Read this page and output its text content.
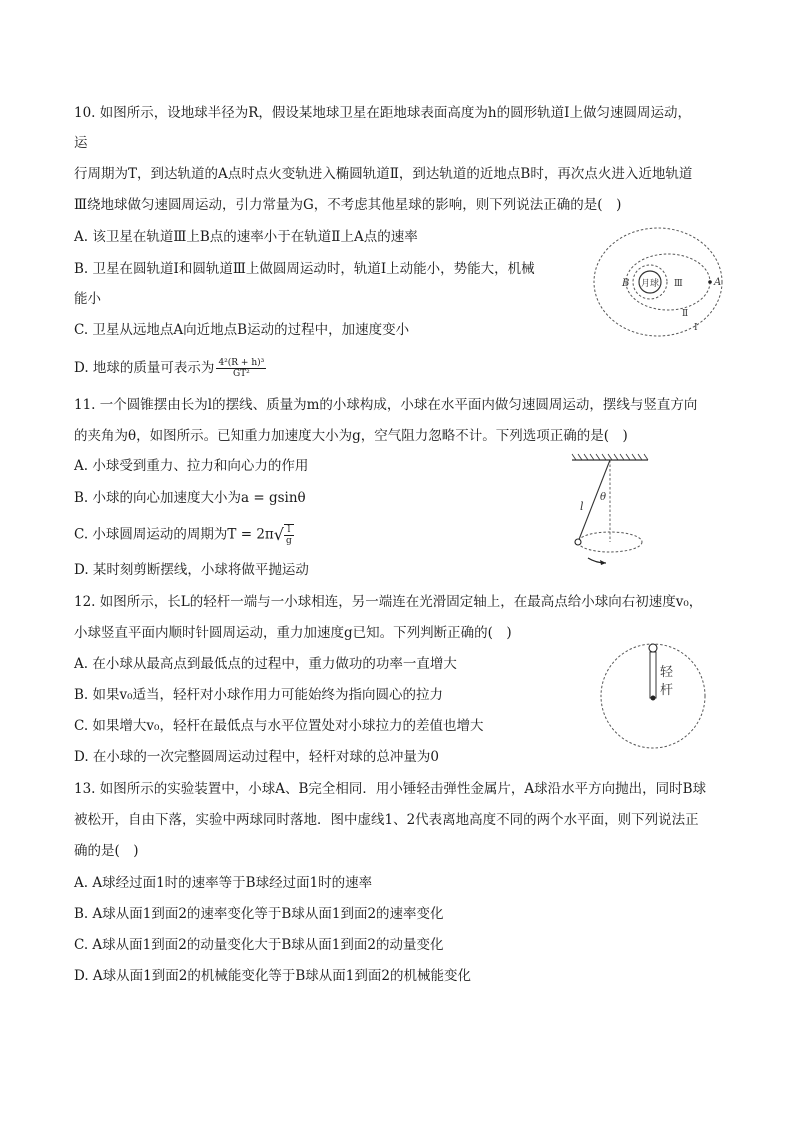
10. 如图所示，设地球半径为R，假设某地球卫星在距地球表面高度为h的圆形轨道Ⅰ上做匀速圆周运动，
运
行周期为T，到达轨道的A点时点火变轨进入椭圆轨道Ⅱ，到达轨道的近地点B时，再次点火进入近地轨道
Ⅲ绕地球做匀速圆周运动，引力常量为G，不考虑其他星球的影响，则下列说法正确的是(　)
A. 该卫星在轨道Ⅲ上B点的速率小于在轨道Ⅱ上A点的速率
B. 卫星在圆轨道Ⅰ和圆轨道Ⅲ上做圆周运动时，轨道Ⅰ上动能小，势能大，机械
能小
C. 卫星从远地点A向近地点B运动的过程中，加速度变小
D. 地球的质量可表示为 $\frac{\text{4²(R + h)³}}{\text{GT²}}$
B 月球 Ⅲ	A
Ⅱ
Ⅰ
11. 一个圆锥摆由长为l的摆线、质量为m的小球构成，小球在水平面内做匀速圆周运动，摆线与竖直方向
的夹角为θ，如图所示。已知重力加速度大小为g，空气阻力忽略不计。下列选项正确的是(　)
A. 小球受到重力、拉力和向心力的作用
B. 小球的向心加速度大小为a = gsinθ
C. 小球圆周运动的周期为$T = 2\pi√ \frac{l}{g}$
D. 某时刻剪断摆线，小球将做平抛运动
l
θ
12. 如图所示，长L的轻杆一端与一小球相连，另一端连在光滑固定轴上，在最高点给小球向右初速度v₀，
小球竖直平面内顺时针圆周运动，重力加速度g已知。下列判断正确的(　)
A. 在小球从最高点到最低点的过程中，重力做功的功率一直增大
B. 如果v₀适当，轻杆对小球作用力可能始终为指向圆心的拉力
C. 如果增大v₀，轻杆在最低点与水平位置处对小球拉力的差值也增大
D. 在小球的一次完整圆周运动过程中，轻杆对球的总冲量为0
轻
杆
13. 如图所示的实验装置中，小球A、B完全相同．用小锤轻击弹性金属片，A球沿水平方向抛出，同时B球
被松开，自由下落，实验中两球同时落地．图中虚线1、2代表离地高度不同的两个水平面，则下列说法正
确的是(　)
A. A球经过面1时的速率等于B球经过面1时的速率
B. A球从面1到面2的速率变化等于B球从面1到面2的速率变化
C. A球从面1到面2的动量变化大于B球从面1到面2的动量变化
D. A球从面1到面2的机械能变化等于B球从面1到面2的机械能变化
